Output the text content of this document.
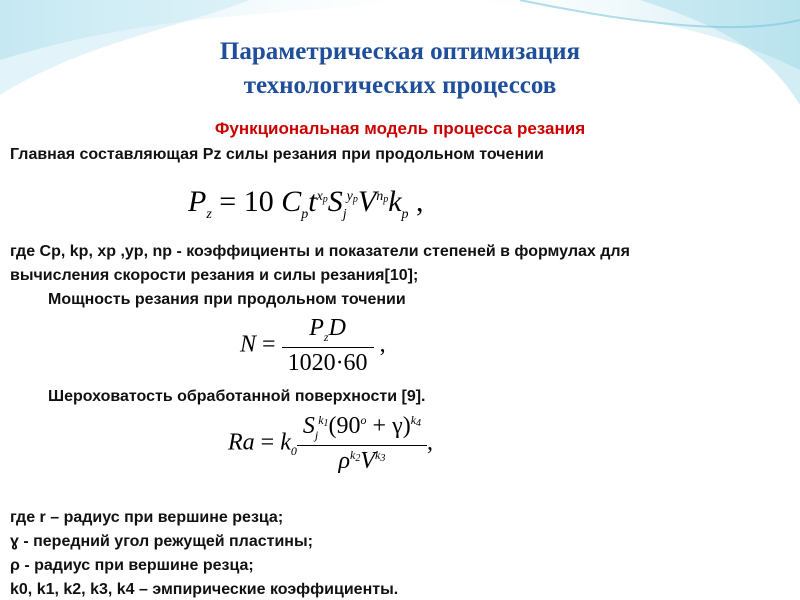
Параметрическая оптимизация
технологических процессов
Функциональная модель процесса резания
Главная составляющая Pz силы резания при продольном точении
$P_z = 10$ $C_pt^{xp}S_j^{yp}V^{np}k_p$ ,
где Ср, kр, xр ,yр, nр - коэффициенты и показатели степеней в формулах для
вычисления скорости резания и силы резания[10];
Мощность резания при продольном точении
$N = \frac{P_zD}{1020\cdot 60}$ ,
Шероховатость обработанной поверхности [9].
$Ra = k_0 \frac{S_j^{k1}(90^o + \gamma)^{k4}}{\rho^{k2}V^{k3}}$ ,
где r – радиус при вершине резца;
ɣ - передний угол режущей пластины;
ρ - радиус при вершине резца;
k0, k1, k2, k3, k4 – эмпирические коэффициенты.
